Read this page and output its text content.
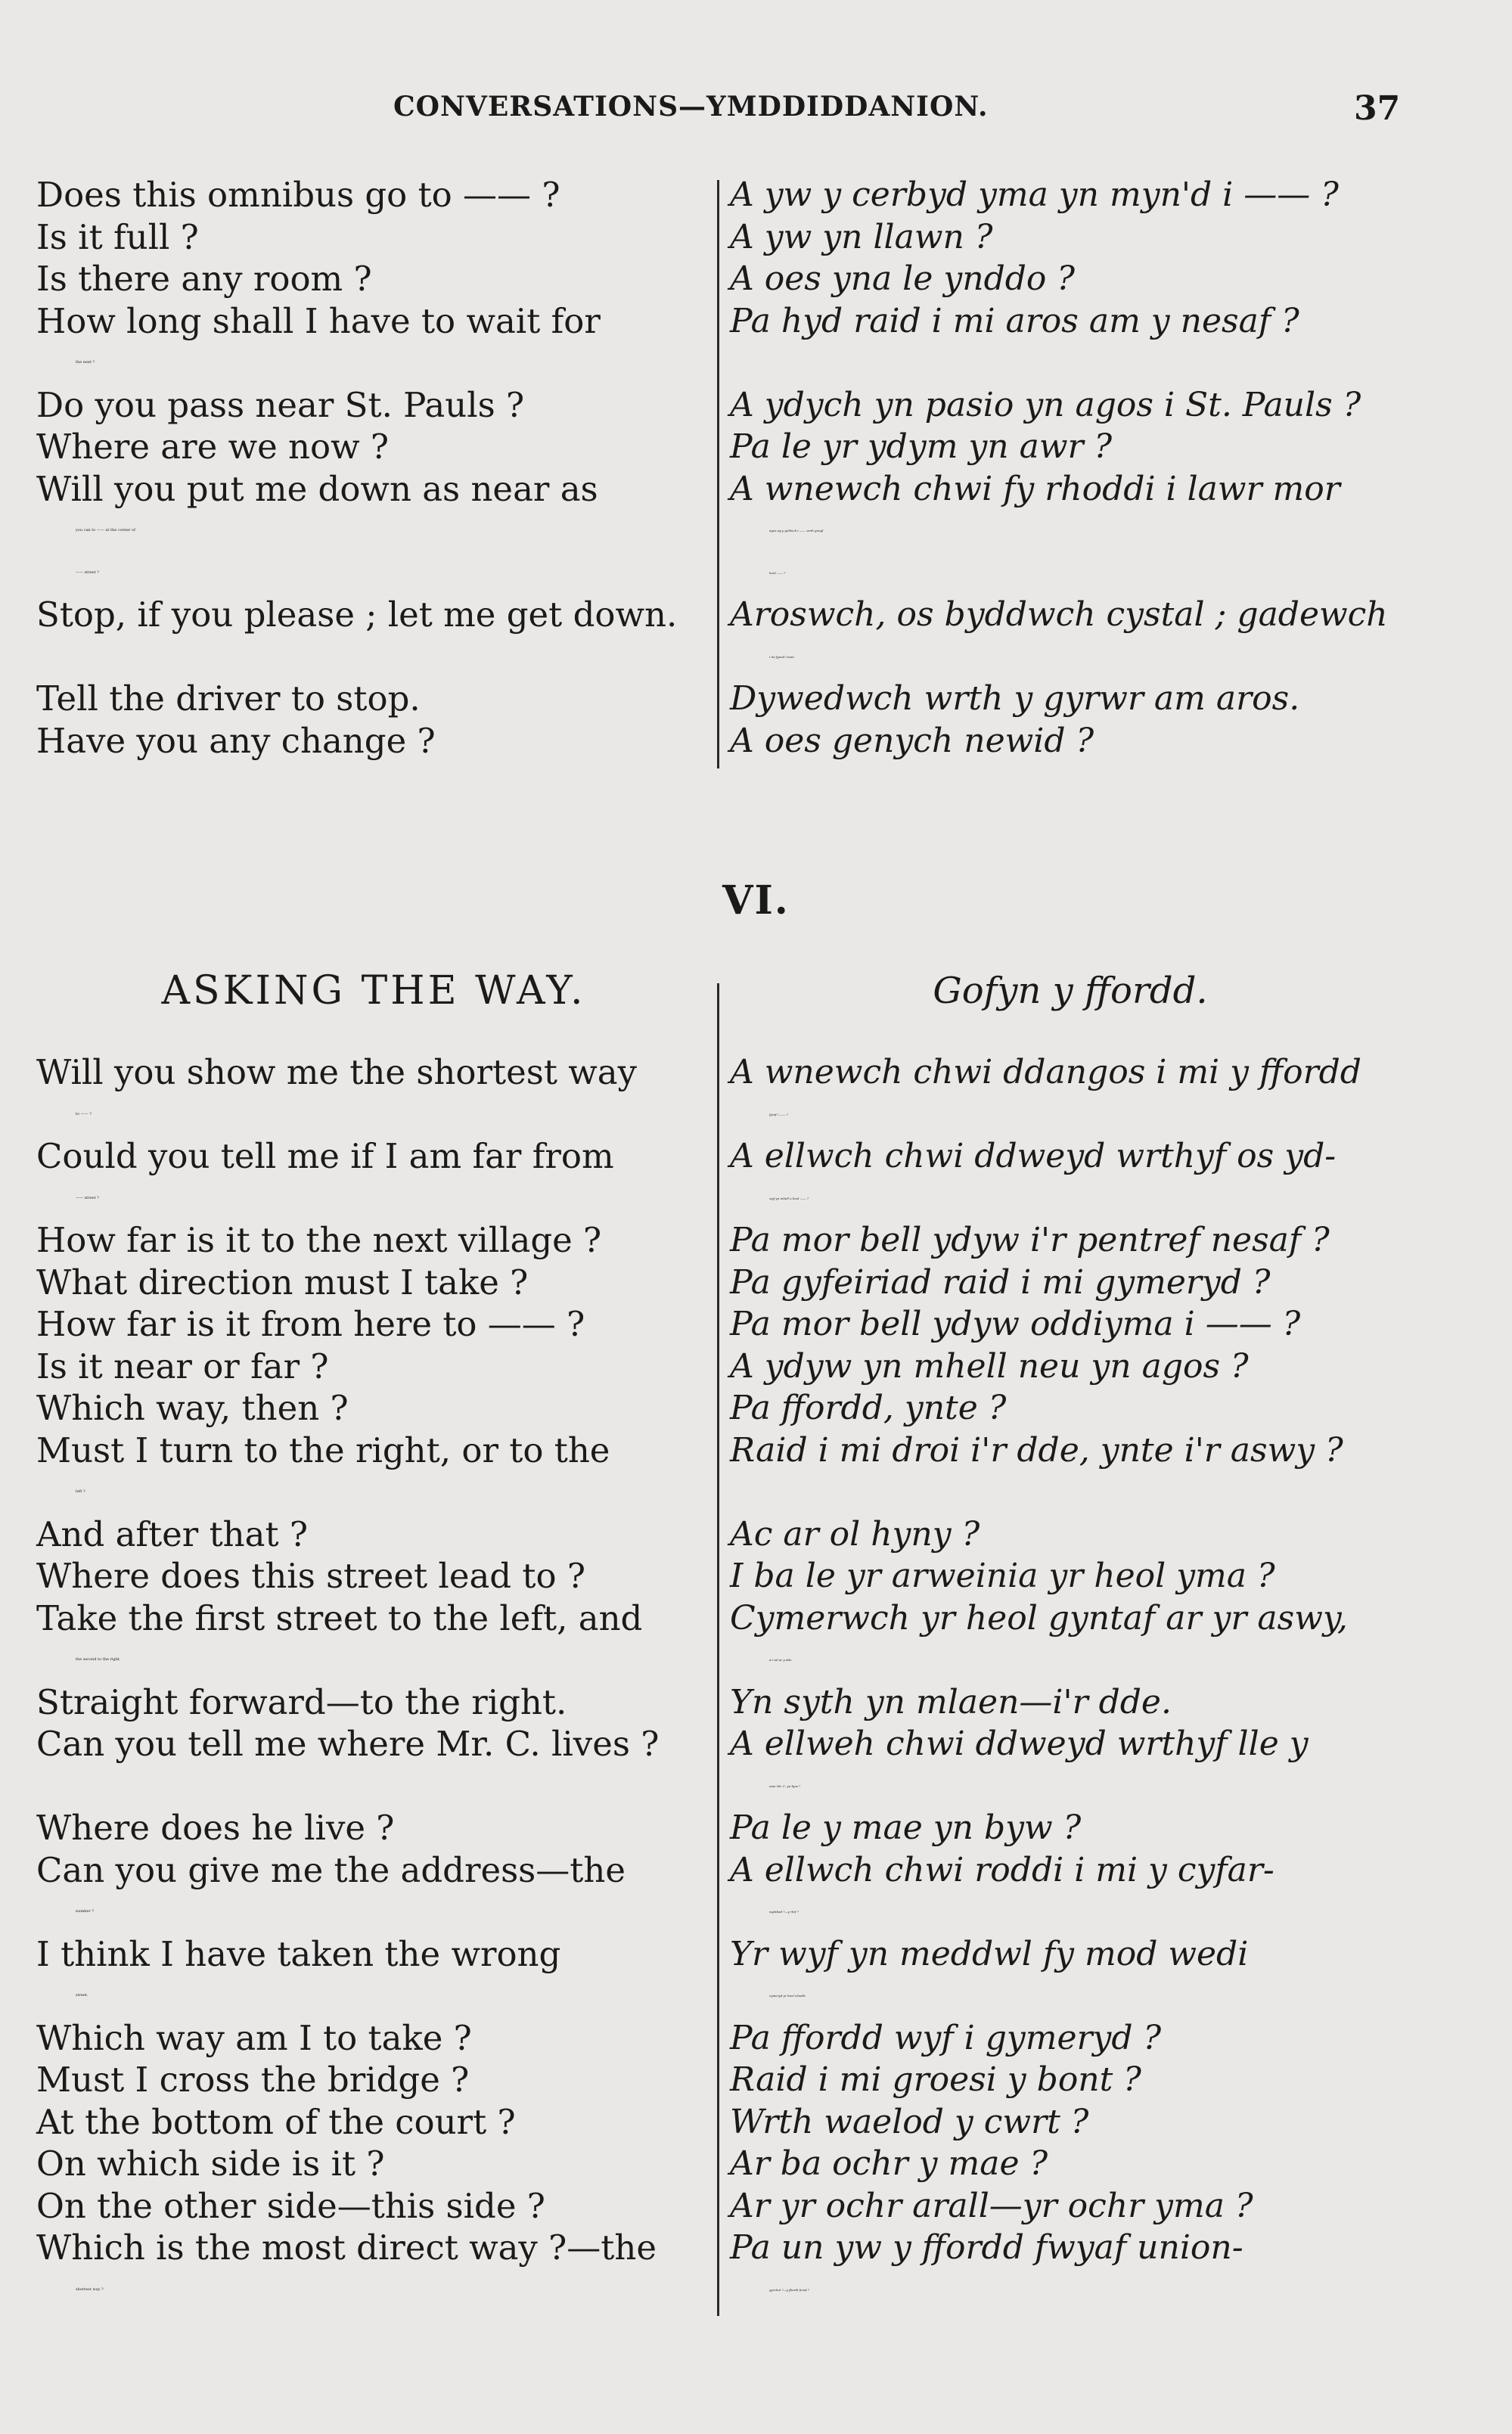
CONVERSATIONS—YMDDIDDANION.	37
Does this omnibus go to —— ?
Is it full ?
Is there any room ?
How long shall I have to wait for
the next ?
Do you pass near St. Pauls ?
Where are we now ?
Will you put me down as near as
you can to —— at the corner of
—— street ?
Stop, if you please ; let me get down.
Tell the driver to stop.
Have you any change ?
A yw y cerbyd yma yn myn'd i —— ?
A yw yn llawn ?
A oes yna le ynddo ?
Pa hyd raid i mi aros am y nesaf ?
A ydych yn pasio yn agos i St. Pauls ?
Pa le yr ydym yn awr ?
A wnewch chwi fy rhoddi i lawr mor
agos ag y gellwch i —— wrth gongl
heol —— ?
Aroswch, os byddwch cystal ; gadewch
i mi fyned i lawr.
Dywedwch wrth y gyrwr am aros.
A oes genych newid ?
VI.
ASKING THE WAY.	Gofyn y ffordd.
Will you show me the shortest way
to —— ?
Could you tell me if I am far from
—— street ?
How far is it to the next village ?
What direction must I take ?
How far is it from here to —— ?
Is it near or far ?
Which way, then ?
Must I turn to the right, or to the
left ?
And after that ?
Where does this street lead to ?
Take the first street to the left, and
the second to the right.
Straight forward—to the right.
Can you tell me where Mr. C. lives ?
Where does he live ?
Can you give me the address—the
number ?
I think I have taken the wrong
street.
Which way am I to take ?
Must I cross the bridge ?
At the bottom of the court ?
On which side is it ?
On the other side—this side ?
Which is the most direct way ?—the
shortest way ?
A wnewch chwi ddangos i mi y ffordd
fyraf i —— ?
A ellwch chwi ddweyd wrthyf os yd-
wyf yn mhell o heol —— ?
Pa mor bell ydyw i'r pentref nesaf ?
Pa gyfeiriad raid i mi gymeryd ?
Pa mor bell ydyw oddiyma i —— ?
A ydyw yn mhell neu yn agos ?
Pa ffordd, ynte ?
Raid i mi droi i'r dde, ynte i'r aswy ?
Ac ar ol hyny ?
I ba le yr arweinia yr heol yma ?
Cymerwch yr heol gyntaf ar yr aswy,
a'r ail ar y dde.
Yn syth yn mlaen—i'r dde.
A ellweh chwi ddweyd wrthyf lle y
mae Mr. C. yn byw ?
Pa le y mae yn byw ?
A ellwch chwi roddi i mi y cyfar-
wyddiad ?—y rhif ?
Yr wyf yn meddwl fy mod wedi
cymeryd yr heol chwith.
Pa ffordd wyf i gymeryd ?
Raid i mi groesi y bont ?
Wrth waelod y cwrt ?
Ar ba ochr y mae ?
Ar yr ochr arall—yr ochr yma ?
Pa un yw y ffordd fwyaf union-
gyrchol ?—y ffordd feraf ?
